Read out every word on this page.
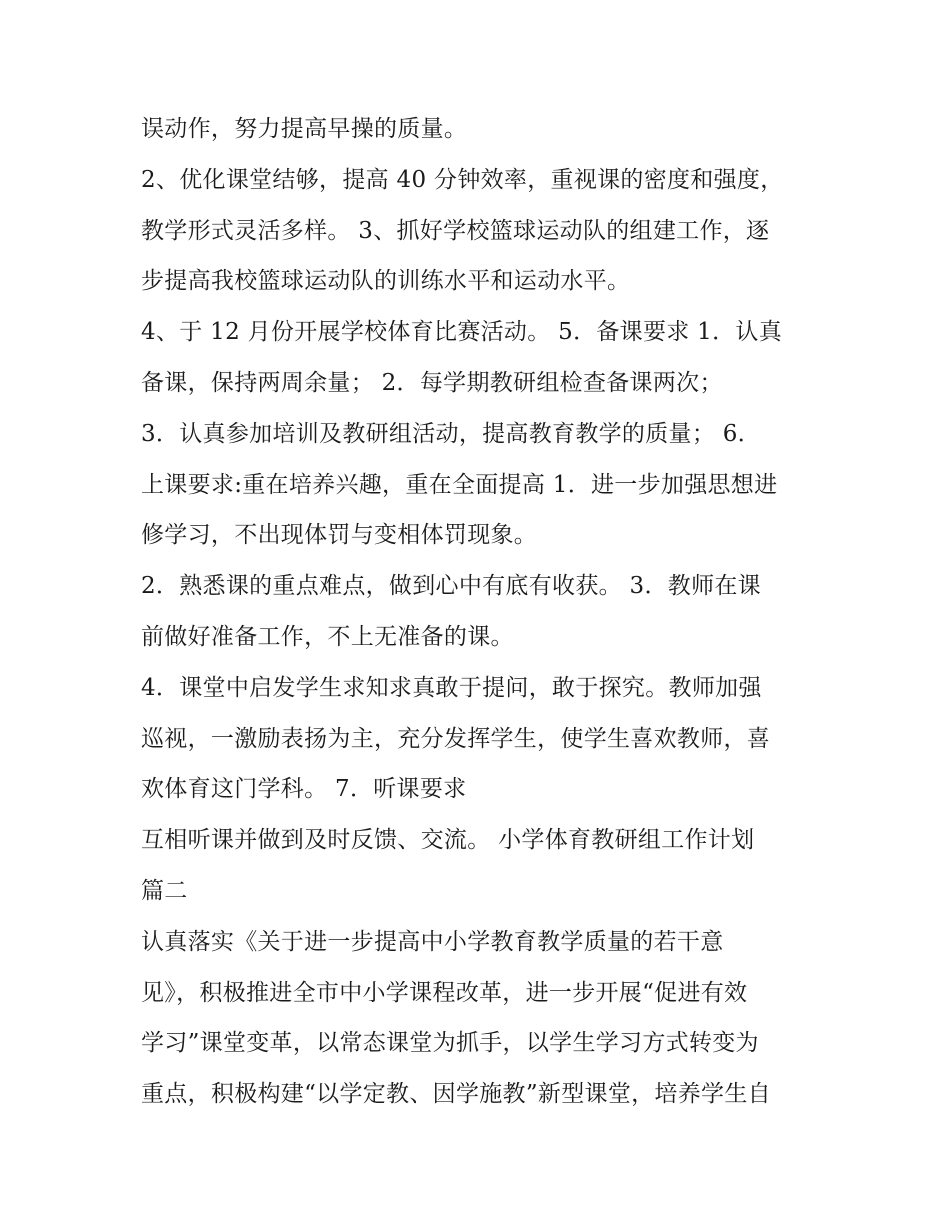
误动作，努力提高早操的质量。
2、优化课堂结够，提高 40 分钟效率，重视课的密度和强度，
教学形式灵活多样。 3、抓好学校篮球运动队的组建工作，逐
步提高我校篮球运动队的训练水平和运动水平。
4、于 12 月份开展学校体育比赛活动。 5．备课要求 1．认真
备课，保持两周余量； 2．每学期教研组检查备课两次；
3．认真参加培训及教研组活动，提高教育教学的质量； 6．
上课要求:重在培养兴趣，重在全面提高 1．进一步加强思想进
修学习，不出现体罚与变相体罚现象。
2．熟悉课的重点难点，做到心中有底有收获。 3．教师在课
前做好准备工作，不上无准备的课。
4．课堂中启发学生求知求真敢于提问，敢于探究。教师加强
巡视，一激励表扬为主，充分发挥学生，使学生喜欢教师，喜
欢体育这门学科。 7．听课要求
互相听课并做到及时反馈、交流。 小学体育教研组工作计划
篇二
认真落实《关于进一步提高中小学教育教学质量的若干意
见》，积极推进全市中小学课程改革，进一步开展“促进有效
学习”课堂变革，以常态课堂为抓手，以学生学习方式转变为
重点，积极构建“以学定教、因学施教”新型课堂，培养学生自
